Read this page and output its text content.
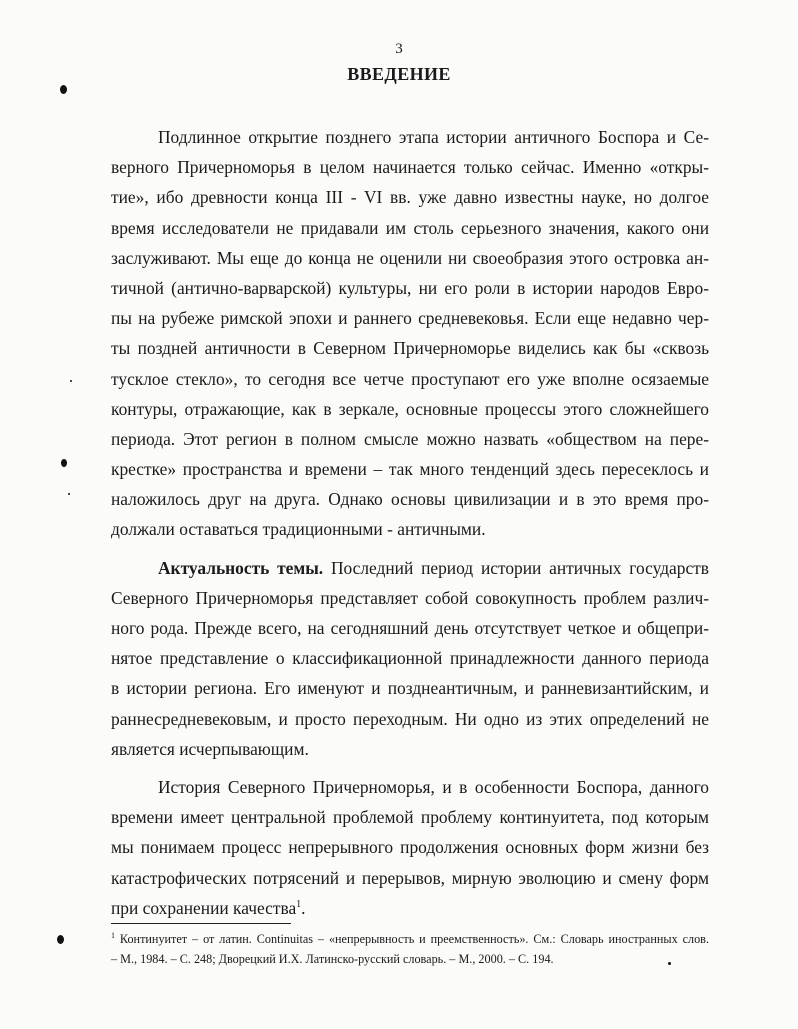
3
ВВЕДЕНИЕ
Подлинное открытие позднего этапа истории античного Боспора и Се-
верного Причерноморья в целом начинается только сейчас. Именно «откры-
тие», ибо древности конца III - VI вв. уже давно известны науке, но долгое
время исследователи не придавали им столь серьезного значения, какого они
заслуживают. Мы еще до конца не оценили ни своеобразия этого островка ан-
тичной (антично-варварской) культуры, ни его роли в истории народов Евро-
пы на рубеже римской эпохи и раннего средневековья. Если еще недавно чер-
ты поздней античности в Северном Причерноморье виделись как бы «сквозь
тусклое стекло», то сегодня все четче проступают его уже вполне осязаемые
контуры, отражающие, как в зеркале, основные процессы этого сложнейшего
периода. Этот регион в полном смысле можно назвать «обществом на пере-
крестке» пространства и времени – так много тенденций здесь пересеклось и
наложилось друг на друга. Однако основы цивилизации и в это время про-
должали оставаться традиционными - античными.
Актуальность темы. Последний период истории античных государств
Северного Причерноморья представляет собой совокупность проблем различ-
ного рода. Прежде всего, на сегодняшний день отсутствует четкое и общепри-
нятое представление о классификационной принадлежности данного периода
в истории региона. Его именуют и позднеантичным, и ранневизантийским, и
раннесредневековым, и просто переходным. Ни одно из этих определений не
является исчерпывающим.
История Северного Причерноморья, и в особенности Боспора, данного
времени имеет центральной проблемой проблему континуитета, под которым
мы понимаем процесс непрерывного продолжения основных форм жизни без
катастрофических потрясений и перерывов, мирную эволюцию и смену форм
при сохранении качества$^1$.
$^1$ Континуитет – от латин. Continuitas – «непрерывность и преемственность». См.: Словарь иностранных слов.
– М., 1984. – С. 248; Дворецкий И.Х. Латинско-русский словарь. – М., 2000. – С. 194.
